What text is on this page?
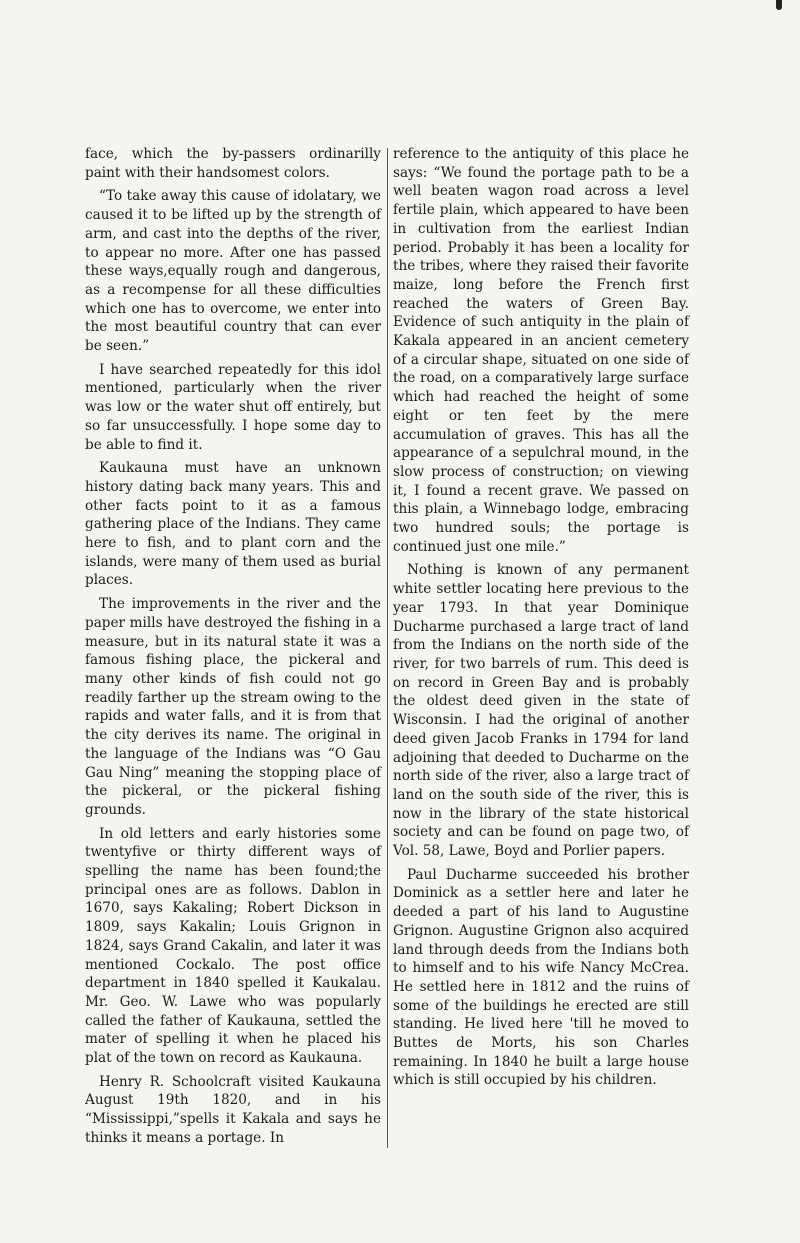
face, which the by-passers ordinarilly paint with their handsomest colors.

“To take away this cause of idolatary, we caused it to be lifted up by the strength of arm, and cast into the depths of the river, to appear no more. After one has passed these ways,equally rough and dangerous, as a recompense for all these difficulties which one has to overcome, we enter into the most beautiful country that can ever be seen.”

I have searched repeatedly for this idol mentioned, particularly when the river was low or the water shut off entirely, but so far unsuccessfully. I hope some day to be able to find it.

Kaukauna must have an unknown history dating back many years. This and other facts point to it as a famous gathering place of the Indians. They came here to fish, and to plant corn and the islands, were many of them used as burial places.

The improvements in the river and the paper mills have destroyed the fishing in a measure, but in its natural state it was a famous fishing place, the pickeral and many other kinds of fish could not go readily farther up the stream owing to the rapids and water falls, and it is from that the city derives its name. The original in the language of the Indians was “O Gau Gau Ning” meaning the stopping place of the pickeral, or the pickeral fishing grounds.

In old letters and early histories some twentyfive or thirty different ways of spelling the name has been found;the principal ones are as follows. Dablon in 1670, says Kakaling; Robert Dickson in 1809, says Kakalin; Louis Grignon in 1824, says Grand Cakalin, and later it was mentioned Cockalo. The post office department in 1840 spelled it Kaukalau. Mr. Geo. W. Lawe who was popularly called the father of Kaukauna, settled the mater of spelling it when he placed his plat of the town on record as Kaukauna.

Henry R. Schoolcraft visited Kaukauna August 19th 1820, and in his “Mississippi,”spells it Kakala and says he thinks it means a portage. In

reference to the antiquity of this place he says: “We found the portage path to be a well beaten wagon road across a level fertile plain, which appeared to have been in cultivation from the earliest Indian period. Probably it has been a locality for the tribes, where they raised their favorite maize, long before the French first reached the waters of Green Bay. Evidence of such antiquity in the plain of Kakala appeared in an ancient cemetery of a circular shape, situated on one side of the road, on a comparatively large surface which had reached the height of some eight or ten feet by the mere accumulation of graves. This has all the appearance of a sepulchral mound, in the slow process of construction; on viewing it, I found a recent grave. We passed on this plain, a Winnebago lodge, embracing two hundred souls; the portage is continued just one mile.”

Nothing is known of any permanent white settler locating here previous to the year 1793. In that year Dominique Ducharme purchased a large tract of land from the Indians on the north side of the river, for two barrels of rum. This deed is on record in Green Bay and is probably the oldest deed given in the state of Wisconsin. I had the original of another deed given Jacob Franks in 1794 for land adjoining that deeded to Ducharme on the north side of the river, also a large tract of land on the south side of the river, this is now in the library of the state historical society and can be found on page two, of Vol. 58, Lawe, Boyd and Porlier papers.

Paul Ducharme succeeded his brother Dominick as a settler here and later he deeded a part of his land to Augustine Grignon. Augustine Grignon also acquired land through deeds from the Indians both to himself and to his wife Nancy McCrea. He settled here in 1812 and the ruins of some of the buildings he erected are still standing. He lived here 'till he moved to Buttes de Morts, his son Charles remaining. In 1840 he built a large house which is still occupied by his children.
